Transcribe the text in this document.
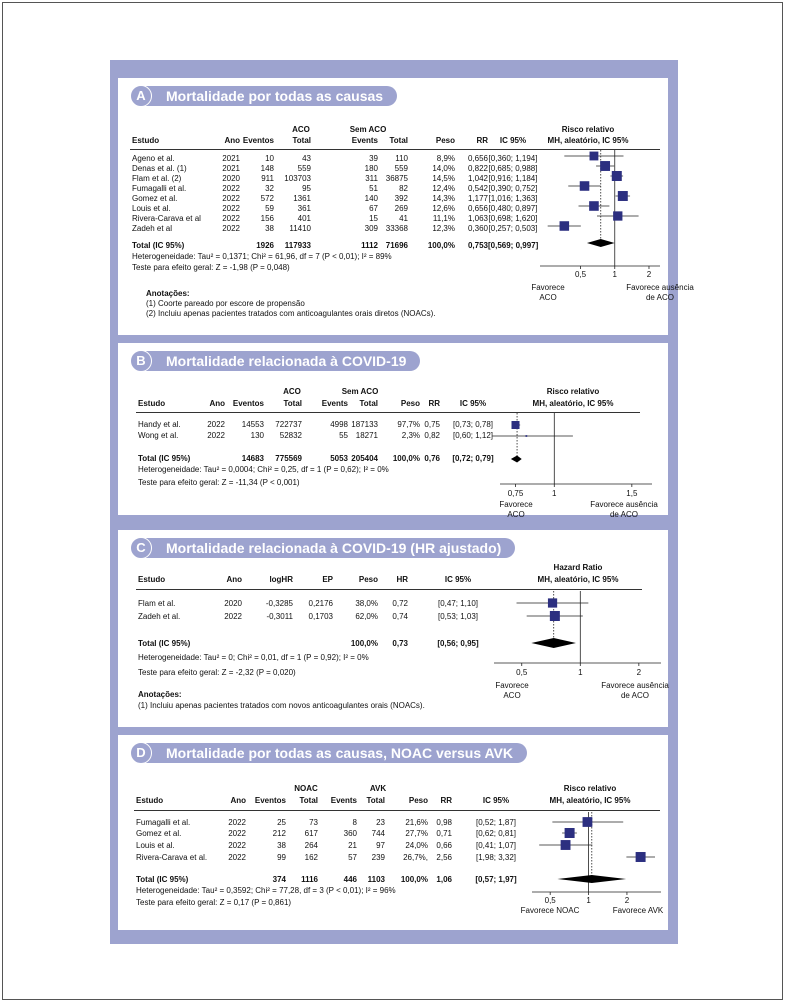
A	Mortalidade por todas as causas
ACO	Sem ACO	Risco relativo
Estudo	Ano Eventos	Total	Events	Total	Peso	RR	IC 95%	MH, aleatório, IC 95%
Ageno et al.	2021	10	43	39	110	8,9%	0,656 [0,360; 1,194]
Denas et al. (1)	2021	148	559	180	559	14,0%	0,822 [0,685; 0,988]
Flam et al. (2)	2020	911	103703	311 36875	14,5%	1,042 [0,916; 1,184]
Fumagalli et al.	2022	32	95	51	82	12,4%	0,542 [0,390; 0,752]
Gomez et al.	2022	572	1361	140	392	14,3%	1,177 [1,016; 1,363]
Louis et al.	2022	59	361	67	269	12,6%	0,656 [0,480; 0,897]
Rivera-Carava et al	2022	156	401	15	41	11,1%	1,063 [0,698; 1,620]
Zadeh et al	2022	38	11410	309 33368	12,3%	0,360 [0,257; 0,503]
Total (IC 95%)	1926	117933	1112 71696	100,0%	0,753 [0,569; 0,997]
Heterogeneidade: Tau² = 0,1371; Chi² = 61,96, df = 7 (P < 0,01); I² = 89%
Teste para efeito geral: Z = -1,98 (P = 0,048)
Anotações:
(1) Coorte pareado por escore de propensão
(2) Incluiu apenas pacientes tratados com anticoagulantes orais diretos (NOACs).
0,5	1	2
Favorece
ACO
Favorece ausência
de ACO
B	Mortalidade relacionada à COVID-19
ACO	Sem ACO	Risco relativo
Estudo	Ano Eventos	Total	Events	Total	Peso	RR	IC 95%	MH, aleatório, IC 95%
Handy et al.	2022	14553	722737	4998 187133	97,7% 0,75	[0,73; 0,78]
Wong et al.	2022	130	52832	55 18271	2,3% 0,82	[0,60; 1,12]
Total (IC 95%)	14683	775569	5053 205404	100,0% 0,76	[0,72; 0,79]
Heterogeneidade: Tau² = 0,0004; Chi² = 0,25, df = 1 (P = 0,62); I² = 0%
Teste para efeito geral: Z = -11,34 (P < 0,001)
0,75	1	1,5
Favorece
ACO
Favorece ausência
de ACO
C	Mortalidade relacionada à COVID-19 (HR ajustado)
Hazard Ratio
Estudo	Ano	logHR	EP	Peso	HR	IC 95%	MH, aleatório, IC 95%
Flam et al.	2020	-0,3285	0,2176	38,0%	0,72	[0,47; 1,10]
Zadeh et al.	2022	-0,3011	0,1703	62,0%	0,74	[0,53; 1,03]
Total (IC 95%)	100,0%	0,73	[0,56; 0,95]
Heterogeneidade: Tau² = 0; Chi² = 0,01, df = 1 (P = 0,92); I² = 0%
Teste para efeito geral: Z = -2,32 (P = 0,020)
Anotações:
(1) Incluiu apenas pacientes tratados com novos anticoagulantes orais (NOACs).
0,5	1	2
Favorece
ACO
Favorece ausência
de ACO
D	Mortalidade por todas as causas, NOAC versus AVK
NOAC	AVK	Risco relativo
Estudo	Ano	Eventos	Total	Events	Total	Peso	RR	IC 95%	MH, aleatório, IC 95%
Fumagalli et al.	2022	25	73	8	23	21,6%	0,98	[0,52; 1,87]
Gomez et al.	2022	212	617	360	744	27,7%	0,71	[0,62; 0,81]
Louis et al.	2022	38	264	21	97	24,0%	0,66	[0,41; 1,07]
Rivera-Carava et al.	2022	99	162	57	239	26,7%,	2,56	[1,98; 3,32]
Total (IC 95%)	374	1116	446	1103	100,0%	1,06	[0,57; 1,97]
Heterogeneidade: Tau² = 0,3592; Chi² = 77,28, df = 3 (P < 0,01); I² = 96%
Teste para efeito geral: Z = 0,17 (P = 0,861)	0,5	1	2
Favorece NOAC	Favorece AVK
